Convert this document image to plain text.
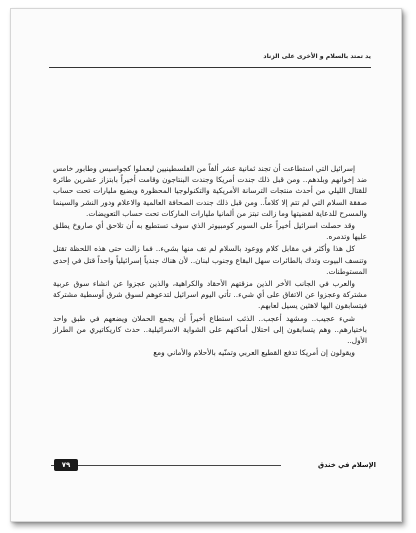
يد تمتد بالسلام و الأخرى على الزناد

إسرائيل التي استطاعت أن تجند ثمانية عشر ألفاً من الفلسطينيين ليعملوا كجواسيس وطابور خامس ضد إخوانهم وبلدهم.. ومن قبل ذلك جندت أمريكا وجندت البنتاجون وقامت أخيراً بابتزاز عشرين طائرة للقتال الليلي من أحدث منتجات الترسانة الأمريكية والتكنولوجيا المحظورة ويضيع مليارات تحت حساب صفقة السلام التي لم تتم إلا كلاماً.. ومن قبل ذلك جندت الصحافة العالمية والاعلام ودور النشر والسينما والمسرح للدعاية لقضيتها وما زالت تبتز من ألمانيا مليارات الماركات تحت حساب التعويضات.

وقد حصلت اسرائيل أخيراً على السوبر كومبيوتر الذي سوف تستطيع به أن تلاحق أي صاروخ يطلق عليها وتدمره.

كل هذا وأكثر في مقابل كلام ووعود بالسلام لم تف منها بشيء.. فما زالت حتى هذه اللحظة تقتل وتنسف البيوت وتدك بالطائرات سهل البقاع وجنوب لبنان.. لأن هناك جندياً إسرائيلياً واحداً قتل في إحدى المستوطنات.

والعرب في الجانب الأخر الذين مزقتهم الأحقاد والكراهية، والذين عجزوا عن انشاء سوق عربية مشتركة وعجزوا عن الاتفاق على أي شيء.. تأتي اليوم اسرائيل لتدعوهم لسوق شرق أوسطية مشتركة فيتسابقون اليها لاهثين يسيل لعابهم.

شيء عجيب.. ومشهد أعجب.. الذئب استطاع أخيراً أن يجمع الحملان ويضعهم في طبق واحد باختيارهم.. وهم يتسابقون إلى احتلال أماكنهم على الشواية الاسرائيلية.. حدث كاريكاتيري من الطراز الأول..

ويقولون إن أمريكا تدفع القطيع العربي وتمنّيه بالأحلام والأماني ومع

٧٩	الإسلام في خندق
